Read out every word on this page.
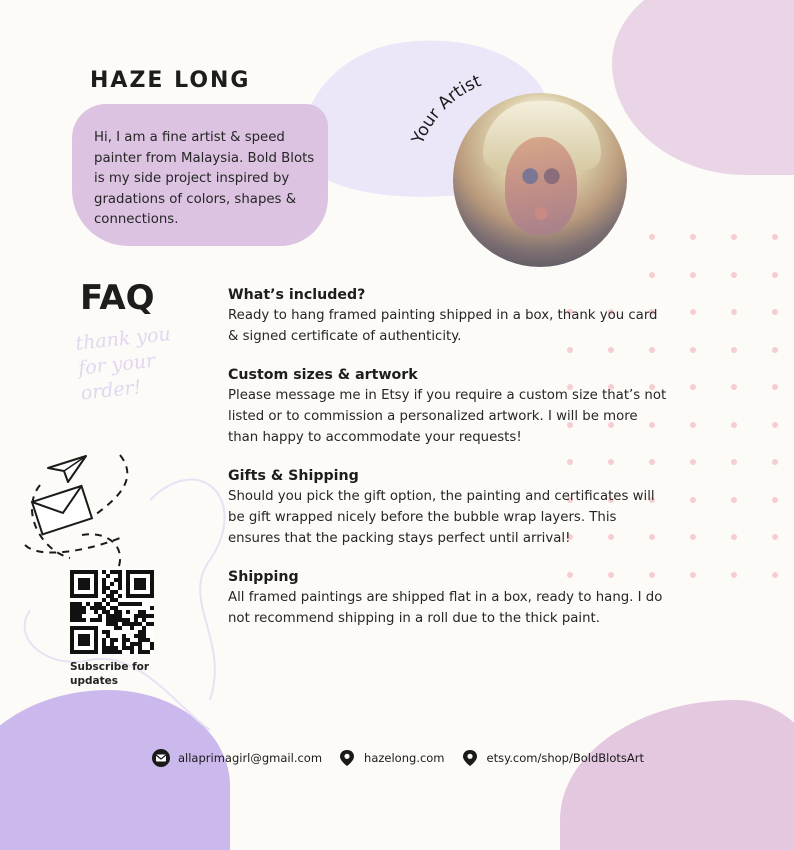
HAZE LONG

Hi, I am a fine artist & speed painter from Malaysia. Bold Blots is my side project inspired by gradations of colors, shapes & connections.

Your Artist
FAQ

thank you for your order!

Subscribe for updates

What’s included?

Ready to hang framed painting shipped in a box, thank you card & signed certificate of authenticity.

Custom sizes & artwork

Please message me in Etsy if you require a custom size that’s not listed or to commission a personalized artwork. I will be more than happy to accommodate your requests!

Gifts & Shipping

Should you pick the gift option, the painting and certificates will be gift wrapped nicely before the bubble wrap layers. This ensures that the packing stays perfect until arrival!

Shipping

All framed paintings are shipped flat in a box, ready to hang. I do not recommend shipping in a roll due to the thick paint.

allaprimagirl@gmail.com	hazelong.com	etsy.com/shop/BoldBlotsArt
